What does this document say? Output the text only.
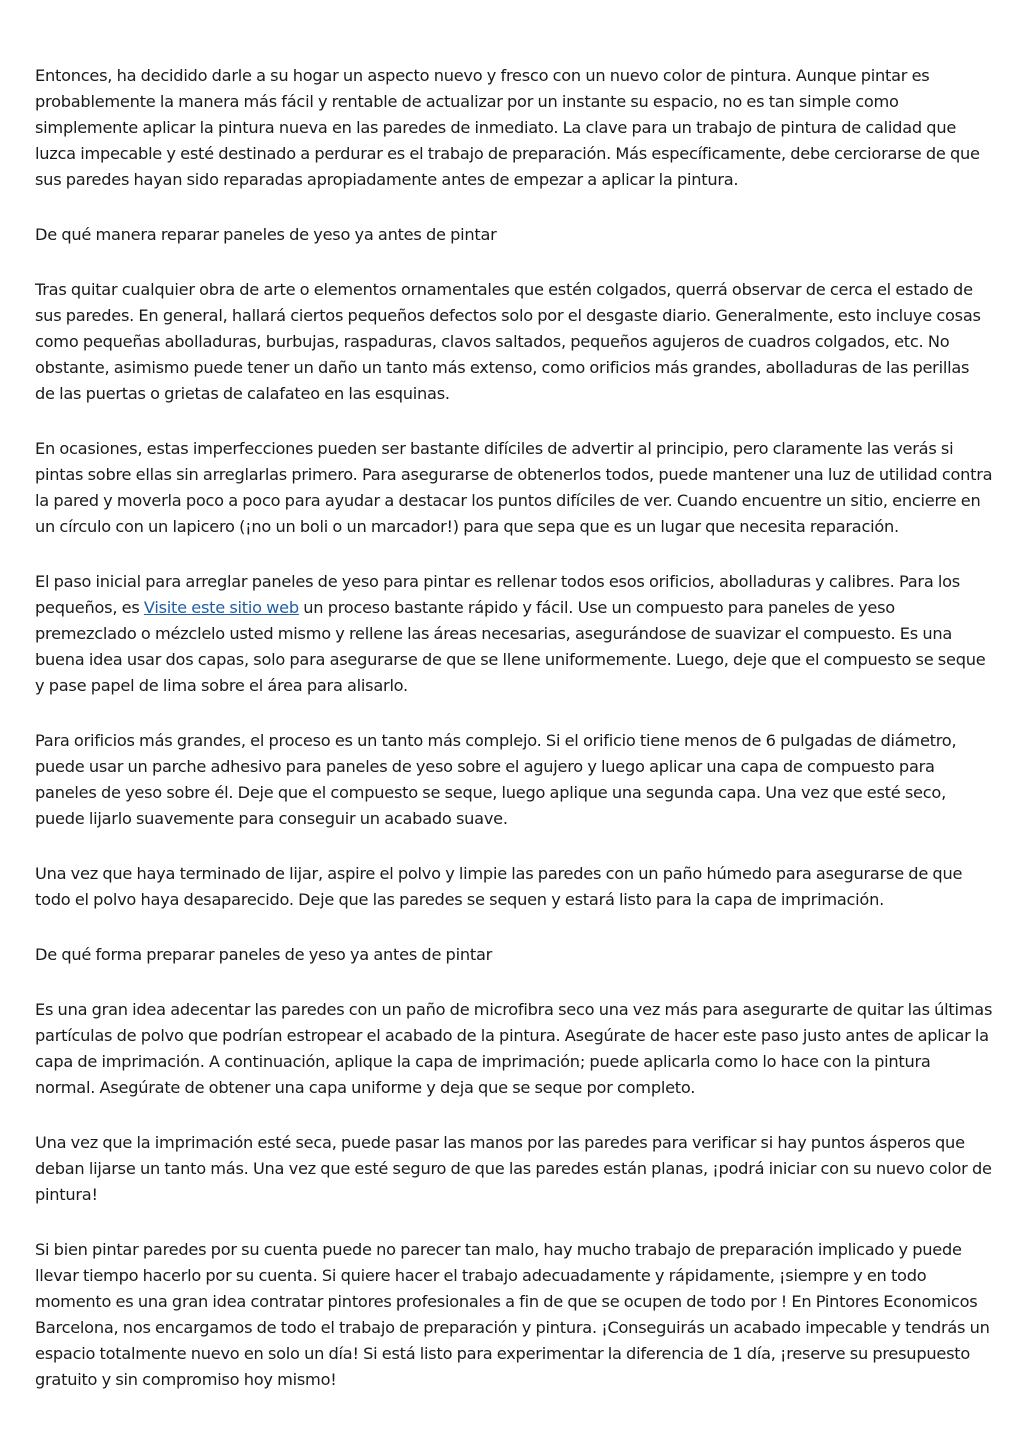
Entonces, ha decidido darle a su hogar un aspecto nuevo y fresco con un nuevo color de pintura. Aunque pintar es probablemente la manera más fácil y rentable de actualizar por un instante su espacio, no es tan simple como simplemente aplicar la pintura nueva en las paredes de inmediato. La clave para un trabajo de pintura de calidad que luzca impecable y esté destinado a perdurar es el trabajo de preparación. Más específicamente, debe cerciorarse de que sus paredes hayan sido reparadas apropiadamente antes de empezar a aplicar la pintura.

De qué manera reparar paneles de yeso ya antes de pintar

Tras quitar cualquier obra de arte o elementos ornamentales que estén colgados, querrá observar de cerca el estado de sus paredes. En general, hallará ciertos pequeños defectos solo por el desgaste diario. Generalmente, esto incluye cosas como pequeñas abolladuras, burbujas, raspaduras, clavos saltados, pequeños agujeros de cuadros colgados, etc. No obstante, asimismo puede tener un daño un tanto más extenso, como orificios más grandes, abolladuras de las perillas de las puertas o grietas de calafateo en las esquinas.

En ocasiones, estas imperfecciones pueden ser bastante difíciles de advertir al principio, pero claramente las verás si pintas sobre ellas sin arreglarlas primero. Para asegurarse de obtenerlos todos, puede mantener una luz de utilidad contra la pared y moverla poco a poco para ayudar a destacar los puntos difíciles de ver. Cuando encuentre un sitio, encierre en un círculo con un lapicero (¡no un boli o un marcador!) para que sepa que es un lugar que necesita reparación.

El paso inicial para arreglar paneles de yeso para pintar es rellenar todos esos orificios, abolladuras y calibres. Para los pequeños, es Visite este sitio web un proceso bastante rápido y fácil. Use un compuesto para paneles de yeso premezclado o mézclelo usted mismo y rellene las áreas necesarias, asegurándose de suavizar el compuesto. Es una buena idea usar dos capas, solo para asegurarse de que se llene uniformemente. Luego, deje que el compuesto se seque y pase papel de lima sobre el área para alisarlo.

Para orificios más grandes, el proceso es un tanto más complejo. Si el orificio tiene menos de 6 pulgadas de diámetro, puede usar un parche adhesivo para paneles de yeso sobre el agujero y luego aplicar una capa de compuesto para paneles de yeso sobre él. Deje que el compuesto se seque, luego aplique una segunda capa. Una vez que esté seco, puede lijarlo suavemente para conseguir un acabado suave.

Una vez que haya terminado de lijar, aspire el polvo y limpie las paredes con un paño húmedo para asegurarse de que todo el polvo haya desaparecido. Deje que las paredes se sequen y estará listo para la capa de imprimación.

De qué forma preparar paneles de yeso ya antes de pintar

Es una gran idea adecentar las paredes con un paño de microfibra seco una vez más para asegurarte de quitar las últimas partículas de polvo que podrían estropear el acabado de la pintura. Asegúrate de hacer este paso justo antes de aplicar la capa de imprimación. A continuación, aplique la capa de imprimación; puede aplicarla como lo hace con la pintura normal. Asegúrate de obtener una capa uniforme y deja que se seque por completo.

Una vez que la imprimación esté seca, puede pasar las manos por las paredes para verificar si hay puntos ásperos que deban lijarse un tanto más. Una vez que esté seguro de que las paredes están planas, ¡podrá iniciar con su nuevo color de pintura!

Si bien pintar paredes por su cuenta puede no parecer tan malo, hay mucho trabajo de preparación implicado y puede llevar tiempo hacerlo por su cuenta. Si quiere hacer el trabajo adecuadamente y rápidamente, ¡siempre y en todo momento es una gran idea contratar pintores profesionales a fin de que se ocupen de todo por ! En Pintores Economicos Barcelona, nos encargamos de todo el trabajo de preparación y pintura. ¡Conseguirás un acabado impecable y tendrás un espacio totalmente nuevo en solo un día! Si está listo para experimentar la diferencia de 1 día, ¡reserve su presupuesto gratuito y sin compromiso hoy mismo!
